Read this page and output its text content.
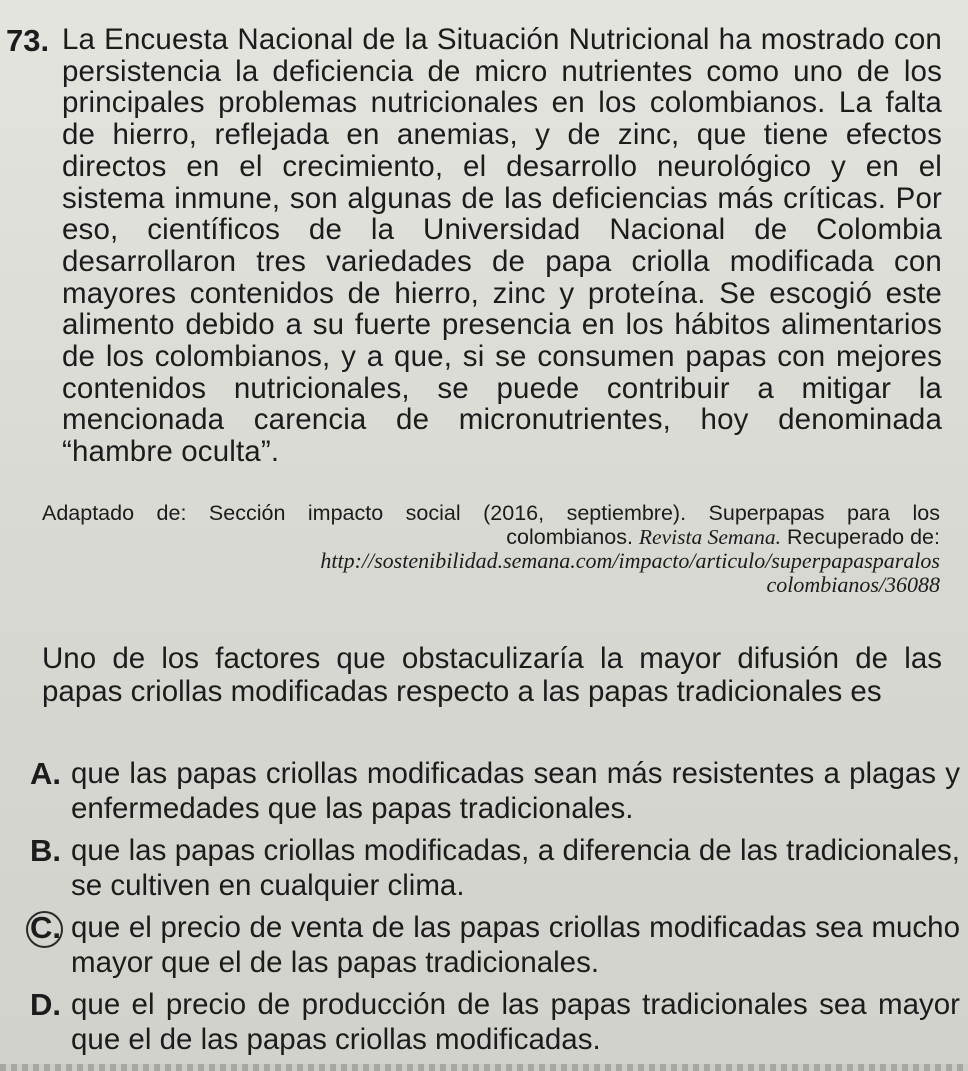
73. La Encuesta Nacional de la Situación Nutricional ha mostrado con persistencia la deficiencia de micro nutrientes como uno de los principales problemas nutricionales en los colombianos. La falta de hierro, reflejada en anemias, y de zinc, que tiene efectos directos en el crecimiento, el desarrollo neurológico y en el sistema inmune, son algunas de las deficiencias más críticas. Por eso, científicos de la Universidad Nacional de Colombia desarrollaron tres variedades de papa criolla modificada con mayores contenidos de hierro, zinc y proteína. Se escogió este alimento debido a su fuerte presencia en los hábitos alimentarios de los colombianos, y a que, si se consumen papas con mejores contenidos nutricionales, se puede contribuir a mitigar la mencionada carencia de micronutrientes, hoy denominada “hambre oculta”.
Adaptado de: Sección impacto social (2016, septiembre). Superpapas para los
colombianos. Revista Semana. Recuperado de:
http://sostenibilidad.semana.com/impacto/articulo/superpapasparalos
colombianos/36088
Uno de los factores que obstaculizaría la mayor difusión de las papas criollas modificadas respecto a las papas tradicionales es
A. que las papas criollas modificadas sean más resistentes a plagas y enfermedades que las papas tradicionales.
B. que las papas criollas modificadas, a diferencia de las tradicionales, se cultiven en cualquier clima.
C. que el precio de venta de las papas criollas modificadas sea mucho mayor que el de las papas tradicionales.
D. que el precio de producción de las papas tradicionales sea mayor que el de las papas criollas modificadas.
